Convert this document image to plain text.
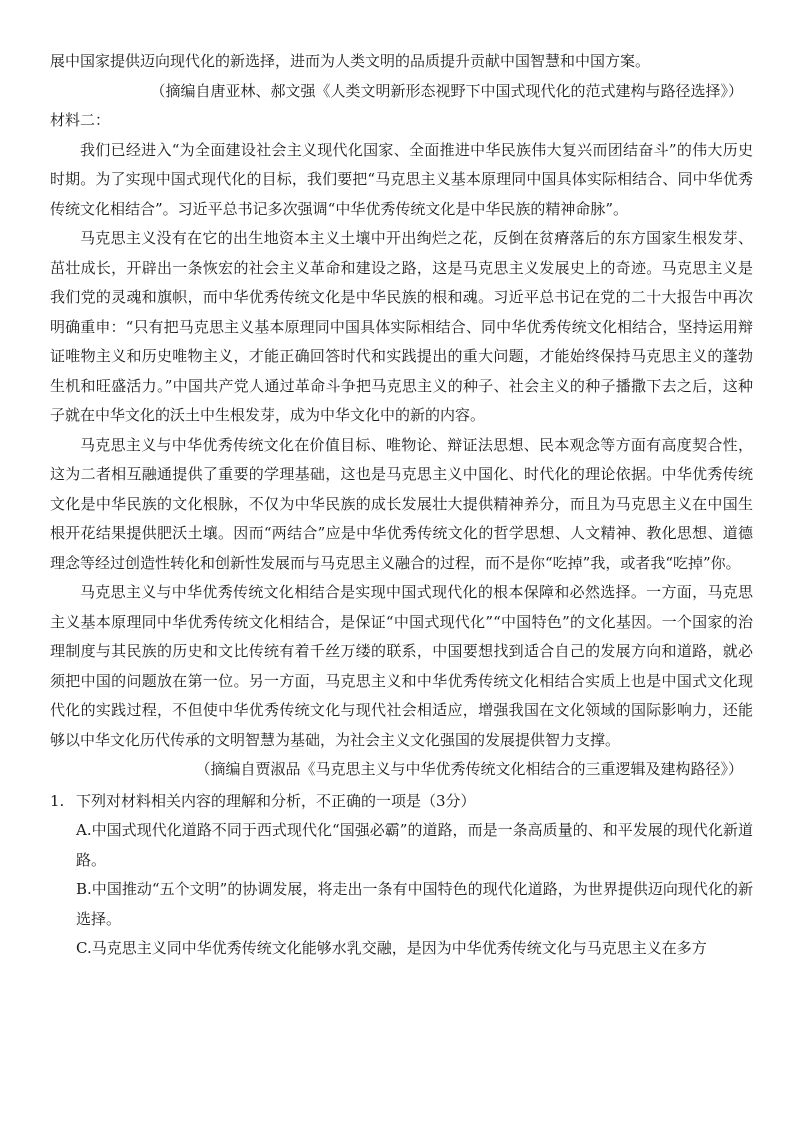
展中国家提供迈向现代化的新选择，进而为人类文明的品质提升贡献中国智慧和中国方案。

（摘编自唐亚林、郝文强《人类文明新形态视野下中国式现代化的范式建构与路径选择》）

材料二：

我们已经进入“为全面建设社会主义现代化国家、全面推进中华民族伟大复兴而团结奋斗”的伟大历史时期。为了实现中国式现代化的目标，我们要把“马克思主义基本原理同中国具体实际相结合、同中华优秀传统文化相结合”。习近平总书记多次强调“中华优秀传统文化是中华民族的精神命脉”。

马克思主义没有在它的出生地资本主义土壤中开出绚烂之花，反倒在贫瘠落后的东方国家生根发芽、茁壮成长，开辟出一条恢宏的社会主义革命和建设之路，这是马克思主义发展史上的奇迹。马克思主义是我们党的灵魂和旗帜，而中华优秀传统文化是中华民族的根和魂。习近平总书记在党的二十大报告中再次明确重申：“只有把马克思主义基本原理同中国具体实际相结合、同中华优秀传统文化相结合，坚持运用辩证唯物主义和历史唯物主义，才能正确回答时代和实践提出的重大问题，才能始终保持马克思主义的蓬勃生机和旺盛活力。”中国共产党人通过革命斗争把马克思主义的种子、社会主义的种子播撒下去之后，这种子就在中华文化的沃土中生根发芽，成为中华文化中的新的内容。

马克思主义与中华优秀传统文化在价值目标、唯物论、辩证法思想、民本观念等方面有高度契合性，这为二者相互融通提供了重要的学理基础，这也是马克思主义中国化、时代化的理论依据。中华优秀传统文化是中华民族的文化根脉，不仅为中华民族的成长发展壮大提供精神养分，而且为马克思主义在中国生根开花结果提供肥沃土壤。因而“两结合”应是中华优秀传统文化的哲学思想、人文精神、教化思想、道德理念等经过创造性转化和创新性发展而与马克思主义融合的过程，而不是你“吃掉”我，或者我“吃掉”你。

马克思主义与中华优秀传统文化相结合是实现中国式现代化的根本保障和必然选择。一方面，马克思主义基本原理同中华优秀传统文化相结合，是保证“中国式现代化”“中国特色”的文化基因。一个国家的治理制度与其民族的历史和文比传统有着千丝万缕的联系，中国要想找到适合自己的发展方向和道路，就必须把中国的问题放在第一位。另一方面，马克思主义和中华优秀传统文化相结合实质上也是中国式文化现代化的实践过程，不但使中华优秀传统文化与现代社会相适应，增强我国在文化领域的国际影响力，还能够以中华文化历代传承的文明智慧为基础，为社会主义文化强国的发展提供智力支撑。

（摘编自贾淑品《马克思主义与中华优秀传统文化相结合的三重逻辑及建构路径》）

1. 下列对材料相关内容的理解和分析，不正确的一项是（3分）

A.中国式现代化道路不同于西式现代化“国强必霸”的道路，而是一条高质量的、和平发展的现代化新道路。

B.中国推动“五个文明”的协调发展，将走出一条有中国特色的现代化道路，为世界提供迈向现代化的新选择。

C.马克思主义同中华优秀传统文化能够水乳交融，是因为中华优秀传统文化与马克思主义在多方
